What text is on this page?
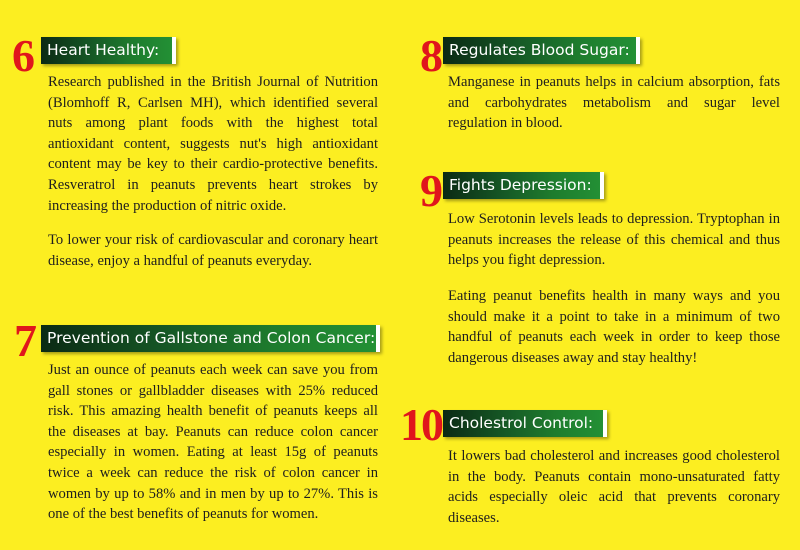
6 Heart Healthy:

Research published in the British Journal of Nutrition (Blomhoff R, Carlsen MH), which identified several nuts among plant foods with the highest total antioxidant content, suggests nut's high antioxidant content may be key to their cardio-protective benefits. Resveratrol in peanuts prevents heart strokes by increasing the production of nitric oxide.

To lower your risk of cardiovascular and coronary heart disease, enjoy a handful of peanuts everyday.

7 Prevention of Gallstone and Colon Cancer:

Just an ounce of peanuts each week can save you from gall stones or gallbladder diseases with 25% reduced risk. This amazing health benefit of peanuts keeps all the diseases at bay. Peanuts can reduce colon cancer especially in women. Eating at least 15g of peanuts twice a week can reduce the risk of colon cancer in women by up to 58% and in men by up to 27%. This is one of the best benefits of peanuts for women.

8 Regulates Blood Sugar:

Manganese in peanuts helps in calcium absorption, fats and carbohydrates metabolism and sugar level regulation in blood.

9 Fights Depression:

Low Serotonin levels leads to depression. Tryptophan in peanuts increases the release of this chemical and thus helps you fight depression.

Eating peanut benefits health in many ways and you should make it a point to take in a minimum of two handful of peanuts each week in order to keep those dangerous diseases away and stay healthy!

10 Cholestrol Control:

It lowers bad cholesterol and increases good cholesterol in the body. Peanuts contain mono-unsaturated fatty acids especially oleic acid that prevents coronary diseases.
